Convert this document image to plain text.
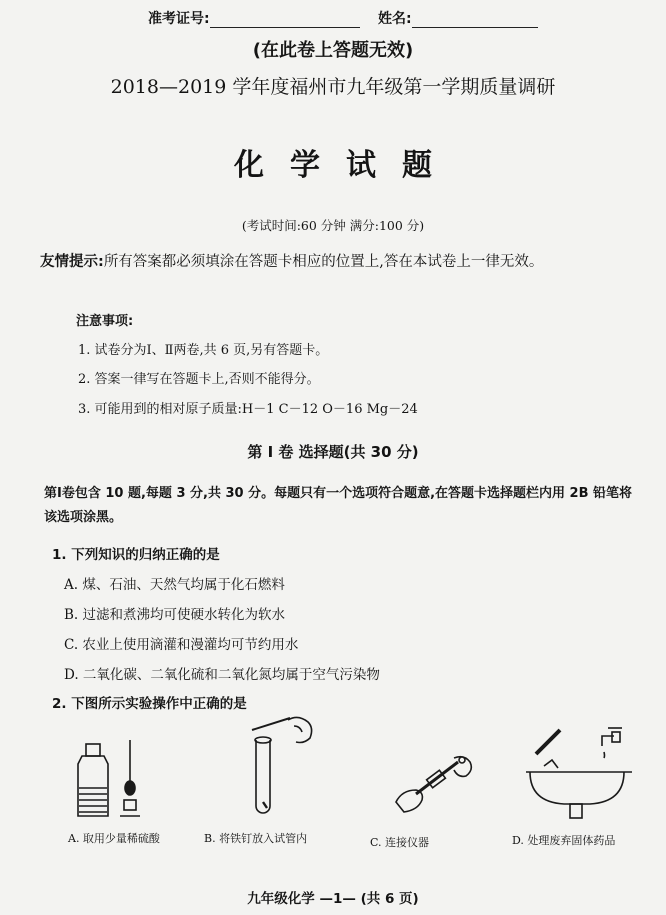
准考证号:	姓名:
(在此卷上答题无效)
2018—2019 学年度福州市九年级第一学期质量调研
化学试题
(考试时间:60 分钟 满分:100 分)
友情提示:所有答案都必须填涂在答题卡相应的位置上,答在本试卷上一律无效。
注意事项:
1. 试卷分为Ⅰ、Ⅱ两卷,共 6 页,另有答题卡。
2. 答案一律写在答题卡上,否则不能得分。
3. 可能用到的相对原子质量:H－1 C－12 O－16 Mg－24
第 Ⅰ 卷 选择题(共 30 分)
第Ⅰ卷包含 10 题,每题 3 分,共 30 分。每题只有一个选项符合题意,在答题卡选择题栏内用 2B 铅笔将该选项涂黑。
1. 下列知识的归纳正确的是
A. 煤、石油、天然气均属于化石燃料
B. 过滤和煮沸均可使硬水转化为软水
C. 农业上使用滴灌和漫灌均可节约用水
D. 二氧化碳、二氧化硫和二氧化氮均属于空气污染物
2. 下图所示实验操作中正确的是
A. 取用少量稀硫酸	B. 将铁钉放入试管内	C. 连接仪器	D. 处理废弃固体药品
九年级化学 —1— (共 6 页)
